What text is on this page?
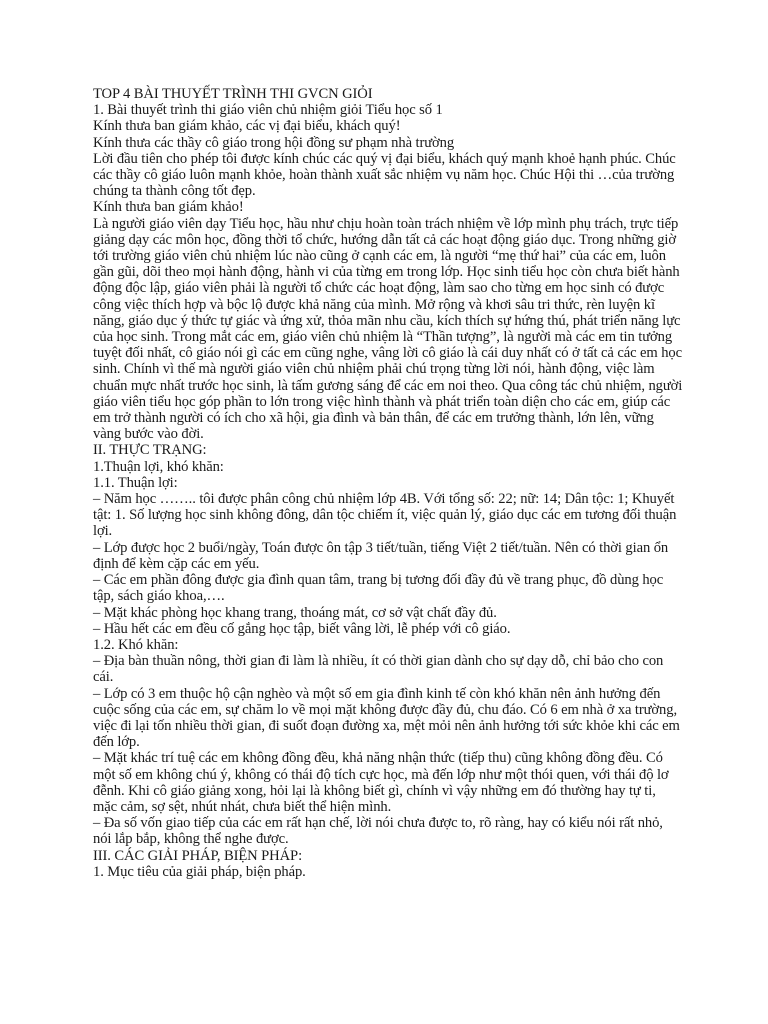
TOP 4 BÀI THUYẾT TRÌNH THI GVCN GIỎI

1. Bài thuyết trình thi giáo viên chủ nhiệm giỏi Tiểu học số 1

Kính thưa ban giám khảo, các vị đại biểu, khách quý!

Kính thưa các thầy cô giáo trong hội đồng sư phạm nhà trường

Lời đầu tiên cho phép tôi được kính chúc các quý vị đại biểu, khách quý mạnh khoẻ hạnh phúc. Chúc các thầy cô giáo luôn mạnh khỏe, hoàn thành xuất sắc nhiệm vụ năm học. Chúc Hội thi …của trường chúng ta thành công tốt đẹp.

Kính thưa ban giám khảo!

Là người giáo viên dạy Tiểu học, hầu như chịu hoàn toàn trách nhiệm về lớp mình phụ trách, trực tiếp giảng dạy các môn học, đồng thời tổ chức, hướng dẫn tất cả các hoạt động giáo dục. Trong những giờ tới trường giáo viên chủ nhiệm lúc nào cũng ở cạnh các em, là người “mẹ thứ hai” của các em, luôn gần gũi, dõi theo mọi hành động, hành vi của từng em trong lớp. Học sinh tiểu học còn chưa biết hành động độc lập, giáo viên phải là người tổ chức các hoạt động, làm sao cho từng em học sinh có được công việc thích hợp và bộc lộ được khả năng của mình. Mở rộng và khơi sâu tri thức, rèn luyện kĩ năng, giáo dục ý thức tự giác và ứng xử, thỏa mãn nhu cầu, kích thích sự hứng thú, phát triển năng lực của học sinh. Trong mắt các em, giáo viên chủ nhiệm là “Thần tượng”, là người mà các em tin tưởng tuyệt đối nhất, cô giáo nói gì các em cũng nghe, vâng lời cô giáo là cái duy nhất có ở tất cả các em học sinh. Chính vì thế mà người giáo viên chủ nhiệm phải chú trọng từng lời nói, hành động, việc làm chuẩn mực nhất trước học sinh, là tấm gương sáng để các em noi theo. Qua công tác chủ nhiệm, người giáo viên tiểu học góp phần to lớn trong việc hình thành và phát triển toàn diện cho các em, giúp các em trở thành người có ích cho xã hội, gia đình và bản thân, để các em trưởng thành, lớn lên, vững vàng bước vào đời.

II. THỰC TRẠNG:

1.Thuận lợi, khó khăn:

1.1. Thuận lợi:

– Năm học …….. tôi được phân công chủ nhiệm lớp 4B. Với tổng số: 22; nữ: 14; Dân tộc: 1; Khuyết tật: 1. Số lượng học sinh không đông, dân tộc chiếm ít, việc quản lý, giáo dục các em tương đối thuận lợi.

– Lớp được học 2 buổi/ngày, Toán được ôn tập 3 tiết/tuần, tiếng Việt 2 tiết/tuần. Nên có thời gian ổn định để kèm cặp các em yếu.

– Các em phần đông được gia đình quan tâm, trang bị tương đối đầy đủ về trang phục, đồ dùng học tập, sách giáo khoa,….

– Mặt khác phòng học khang trang, thoáng mát, cơ sở vật chất đầy đủ.

– Hầu hết các em đều cố gắng học tập, biết vâng lời, lễ phép với cô giáo.

1.2. Khó khăn:

– Địa bàn thuần nông, thời gian đi làm là nhiều, ít có thời gian dành cho sự dạy dỗ, chỉ bảo cho con cái.

– Lớp có 3 em thuộc hộ cận nghèo và một số em gia đình kinh tế còn khó khăn nên ảnh hưởng đến cuộc sống của các em, sự chăm lo về mọi mặt không được đầy đủ, chu đáo. Có 6 em nhà ở xa trường, việc đi lại tốn nhiều thời gian, đi suốt đoạn đường xa, mệt mỏi nên ảnh hưởng tới sức khỏe khi các em đến lớp.

– Mặt khác trí tuệ các em không đồng đều, khả năng nhận thức (tiếp thu) cũng không đồng đều. Có một số em không chú ý, không có thái độ tích cực học, mà đến lớp như một thói quen, với thái độ lơ đễnh. Khi cô giáo giảng xong, hỏi lại là không biết gì, chính vì vậy những em đó thường hay tự ti, mặc cảm, sợ sệt, nhút nhát, chưa biết thể hiện mình.

– Đa số vốn giao tiếp của các em rất hạn chế, lời nói chưa được to, rõ ràng, hay có kiểu nói rất nhỏ, nói lắp bắp, không thể nghe được.

III. CÁC GIẢI PHÁP, BIỆN PHÁP:

1. Mục tiêu của giải pháp, biện pháp.
